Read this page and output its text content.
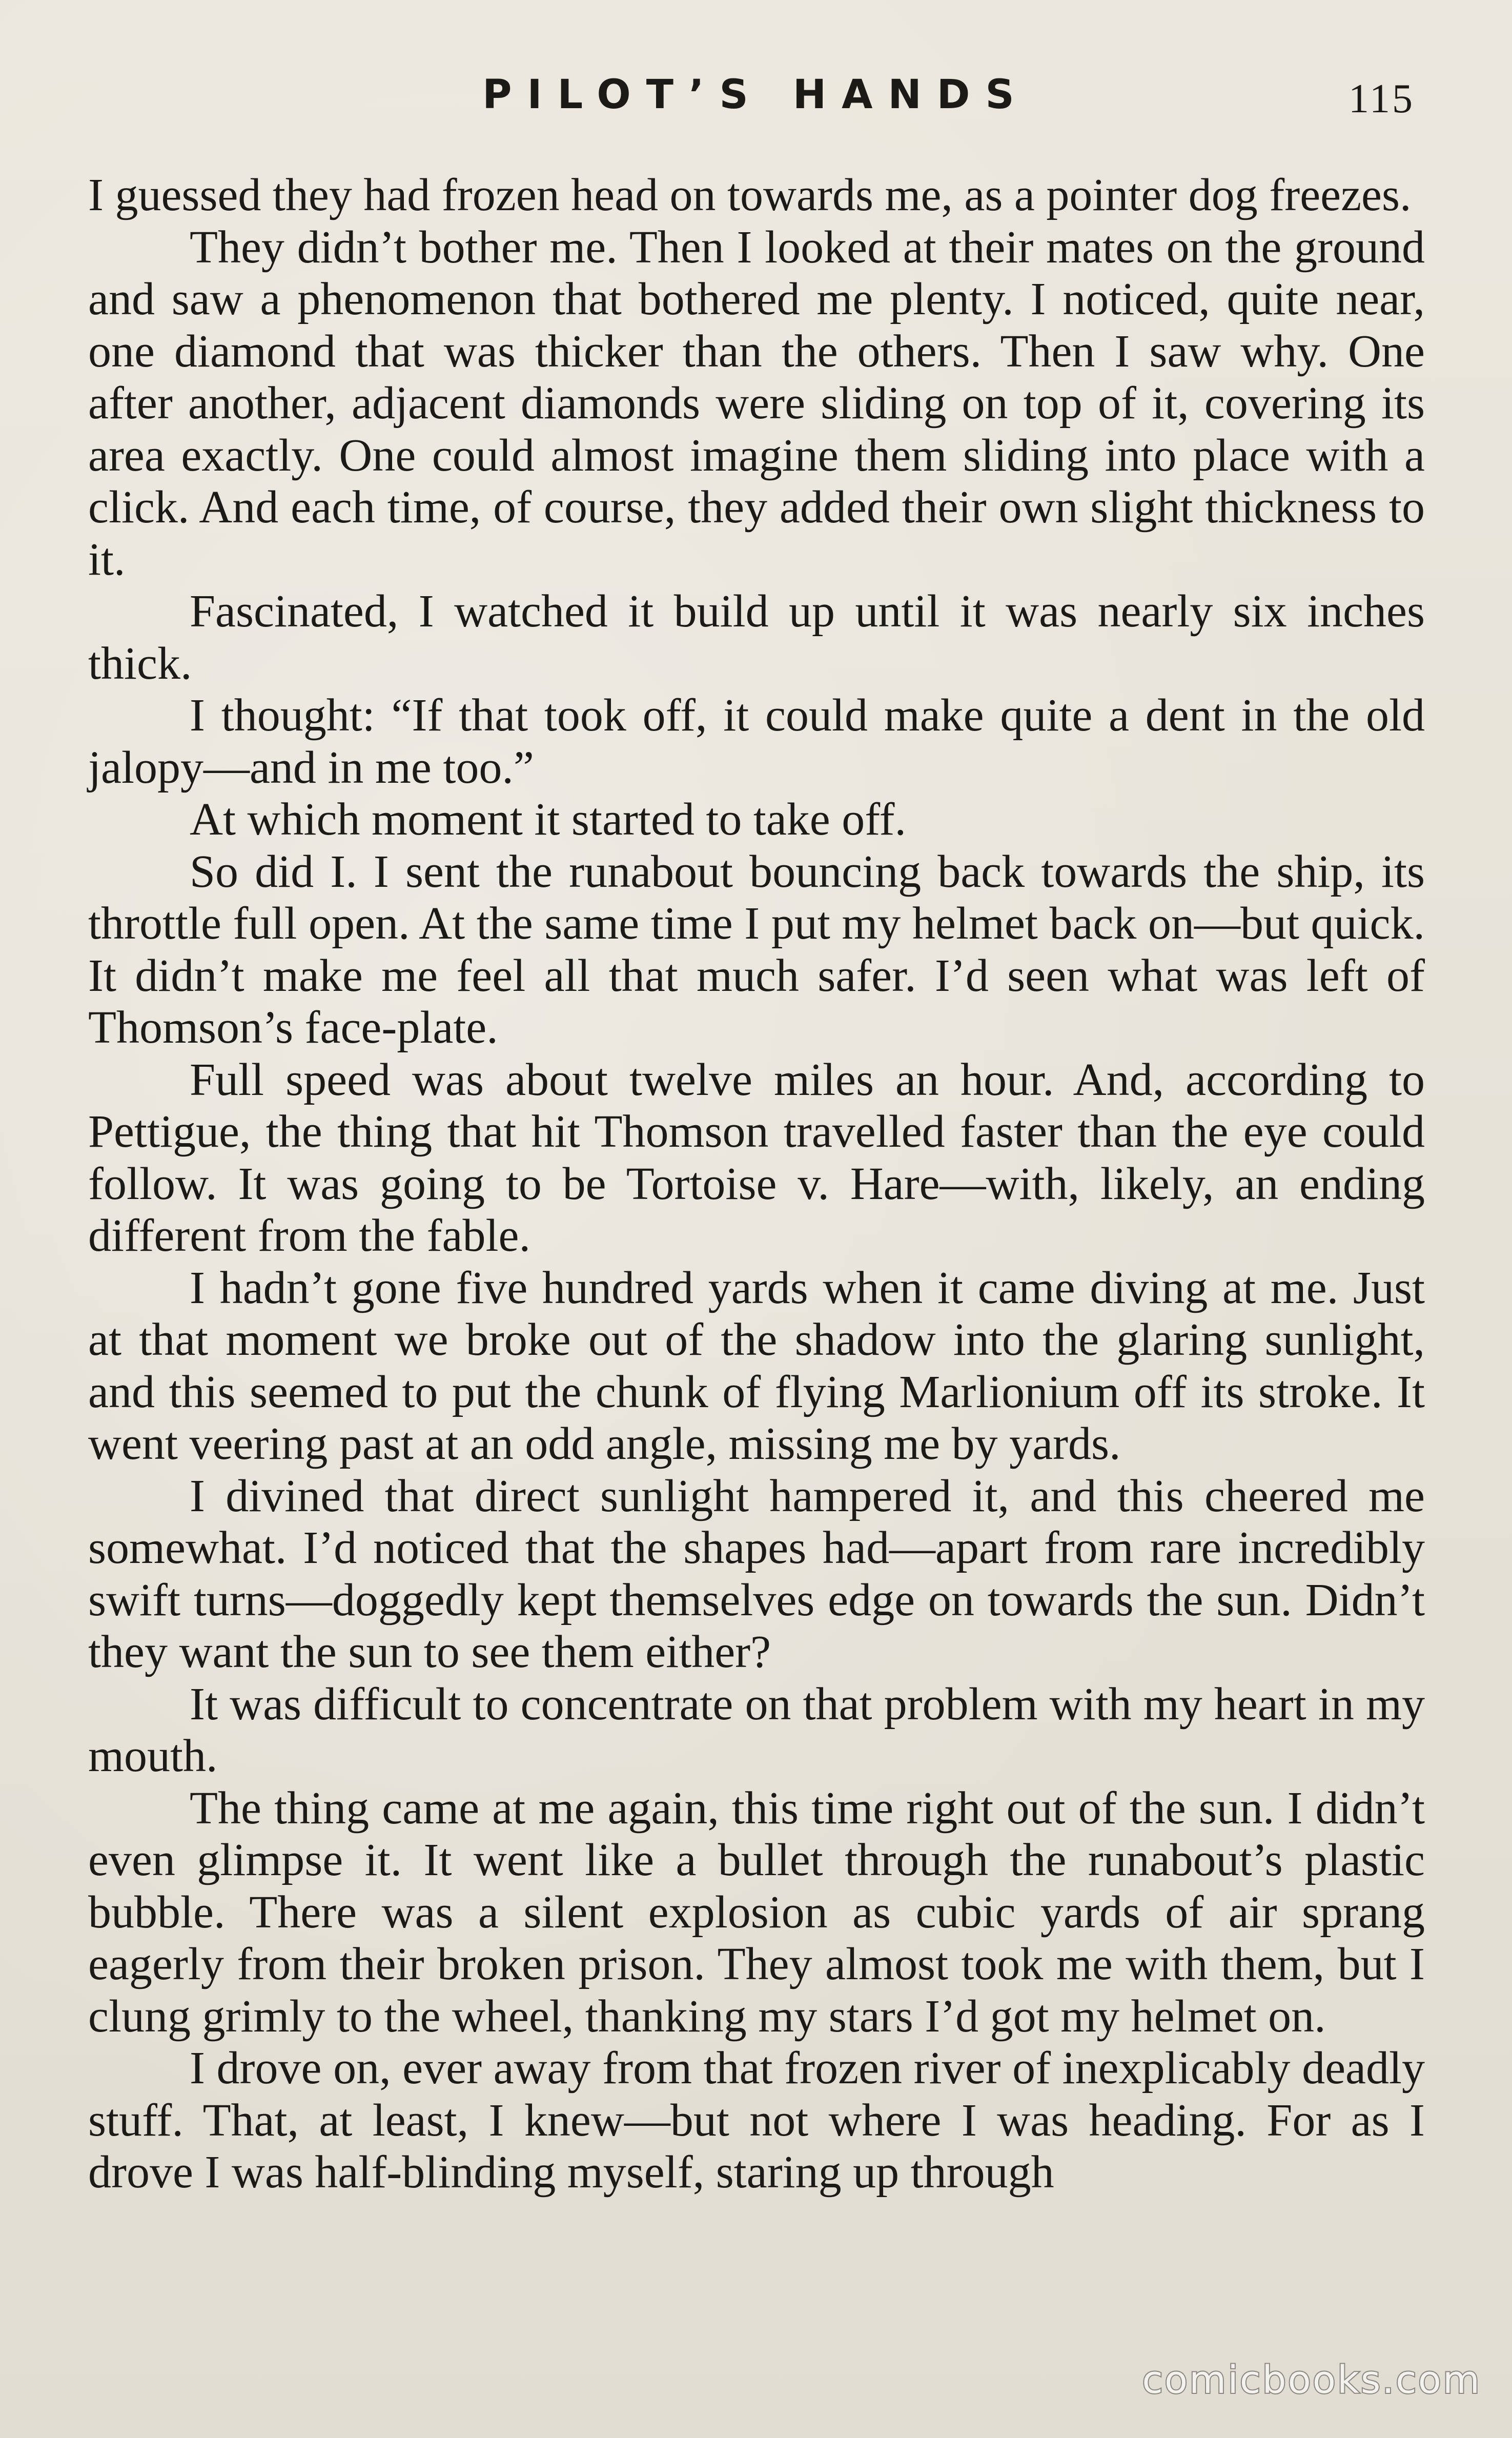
PILOT’S HANDS	115

I guessed they had frozen head on towards me, as a pointer dog freezes.

They didn’t bother me. Then I looked at their mates on the ground and saw a phenomenon that bothered me plenty. I noticed, quite near, one diamond that was thicker than the others. Then I saw why. One after another, adjacent diamonds were sliding on top of it, covering its area exactly. One could almost imagine them sliding into place with a click. And each time, of course, they added their own slight thickness to it.

Fascinated, I watched it build up until it was nearly six inches thick.

I thought: “If that took off, it could make quite a dent in the old jalopy—and in me too.”

At which moment it started to take off.

So did I. I sent the runabout bouncing back towards the ship, its throttle full open. At the same time I put my helmet back on—but quick. It didn’t make me feel all that much safer. I’d seen what was left of Thomson’s face-plate.

Full speed was about twelve miles an hour. And, according to Pettigue, the thing that hit Thomson travelled faster than the eye could follow. It was going to be Tortoise v. Hare—with, likely, an ending different from the fable.

I hadn’t gone five hundred yards when it came diving at me. Just at that moment we broke out of the shadow into the glaring sunlight, and this seemed to put the chunk of flying Marlionium off its stroke. It went veering past at an odd angle, missing me by yards.

I divined that direct sunlight hampered it, and this cheered me somewhat. I’d noticed that the shapes had—apart from rare incredibly swift turns—doggedly kept themselves edge on towards the sun. Didn’t they want the sun to see them either?

It was difficult to concentrate on that problem with my heart in my mouth.

The thing came at me again, this time right out of the sun. I didn’t even glimpse it. It went like a bullet through the runabout’s plastic bubble. There was a silent explosion as cubic yards of air sprang eagerly from their broken prison. They almost took me with them, but I clung grimly to the wheel, thanking my stars I’d got my helmet on.

I drove on, ever away from that frozen river of inexplicably deadly stuff. That, at least, I knew—but not where I was heading. For as I drove I was half-blinding myself, staring up through

comicbooks.com
